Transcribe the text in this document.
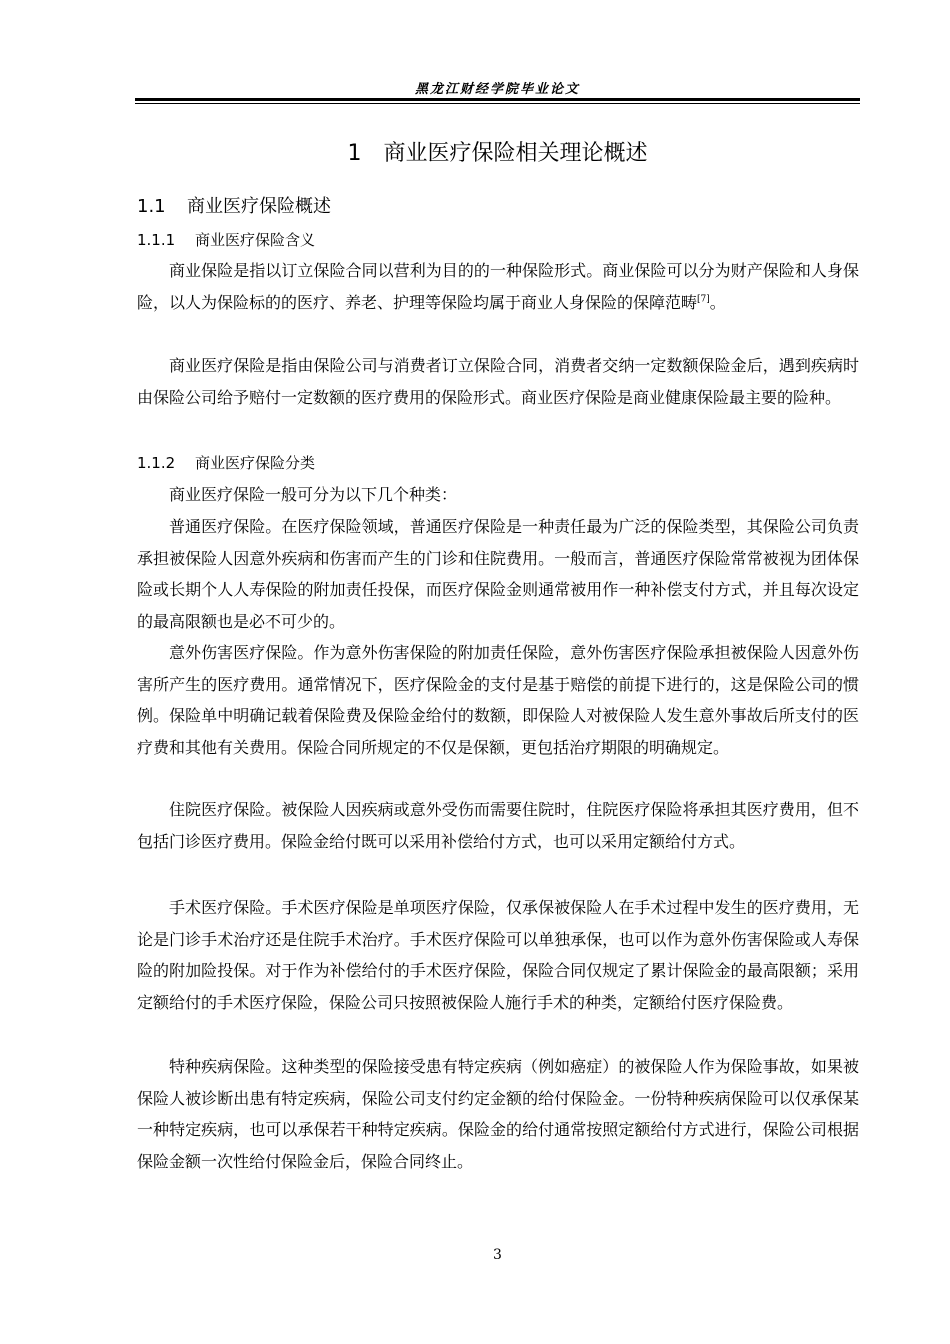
黑龙江财经学院毕业论文
1 商业医疗保险相关理论概述
1.1 商业医疗保险概述
1.1.1 商业医疗保险含义

商业保险是指以订立保险合同以营利为目的的一种保险形式。商业保险可以分为财产保险和人身保险，以人为保险标的的医疗、养老、护理等保险均属于商业人身保险的保障范畴[7]。

商业医疗保险是指由保险公司与消费者订立保险合同，消费者交纳一定数额保险金后，遇到疾病时由保险公司给予赔付一定数额的医疗费用的保险形式。商业医疗保险是商业健康保险最主要的险种。

1.1.2 商业医疗保险分类

商业医疗保险一般可分为以下几个种类：

普通医疗保险。在医疗保险领域，普通医疗保险是一种责任最为广泛的保险类型，其保险公司负责承担被保险人因意外疾病和伤害而产生的门诊和住院费用。一般而言，普通医疗保险常常被视为团体保险或长期个人人寿保险的附加责任投保，而医疗保险金则通常被用作一种补偿支付方式，并且每次设定的最高限额也是必不可少的。

意外伤害医疗保险。作为意外伤害保险的附加责任保险，意外伤害医疗保险承担被保险人因意外伤害所产生的医疗费用。通常情况下，医疗保险金的支付是基于赔偿的前提下进行的，这是保险公司的惯例。保险单中明确记载着保险费及保险金给付的数额，即保险人对被保险人发生意外事故后所支付的医疗费和其他有关费用。保险合同所规定的不仅是保额，更包括治疗期限的明确规定。

住院医疗保险。被保险人因疾病或意外受伤而需要住院时，住院医疗保险将承担其医疗费用，但不包括门诊医疗费用。保险金给付既可以采用补偿给付方式，也可以采用定额给付方式。

手术医疗保险。手术医疗保险是单项医疗保险，仅承保被保险人在手术过程中发生的医疗费用，无论是门诊手术治疗还是住院手术治疗。手术医疗保险可以单独承保，也可以作为意外伤害保险或人寿保险的附加险投保。对于作为补偿给付的手术医疗保险，保险合同仅规定了累计保险金的最高限额；采用定额给付的手术医疗保险，保险公司只按照被保险人施行手术的种类，定额给付医疗保险费。

特种疾病保险。这种类型的保险接受患有特定疾病（例如癌症）的被保险人作为保险事故，如果被保险人被诊断出患有特定疾病，保险公司支付约定金额的给付保险金。一份特种疾病保险可以仅承保某一种特定疾病，也可以承保若干种特定疾病。保险金的给付通常按照定额给付方式进行，保险公司根据保险金额一次性给付保险金后，保险合同终止。

3
